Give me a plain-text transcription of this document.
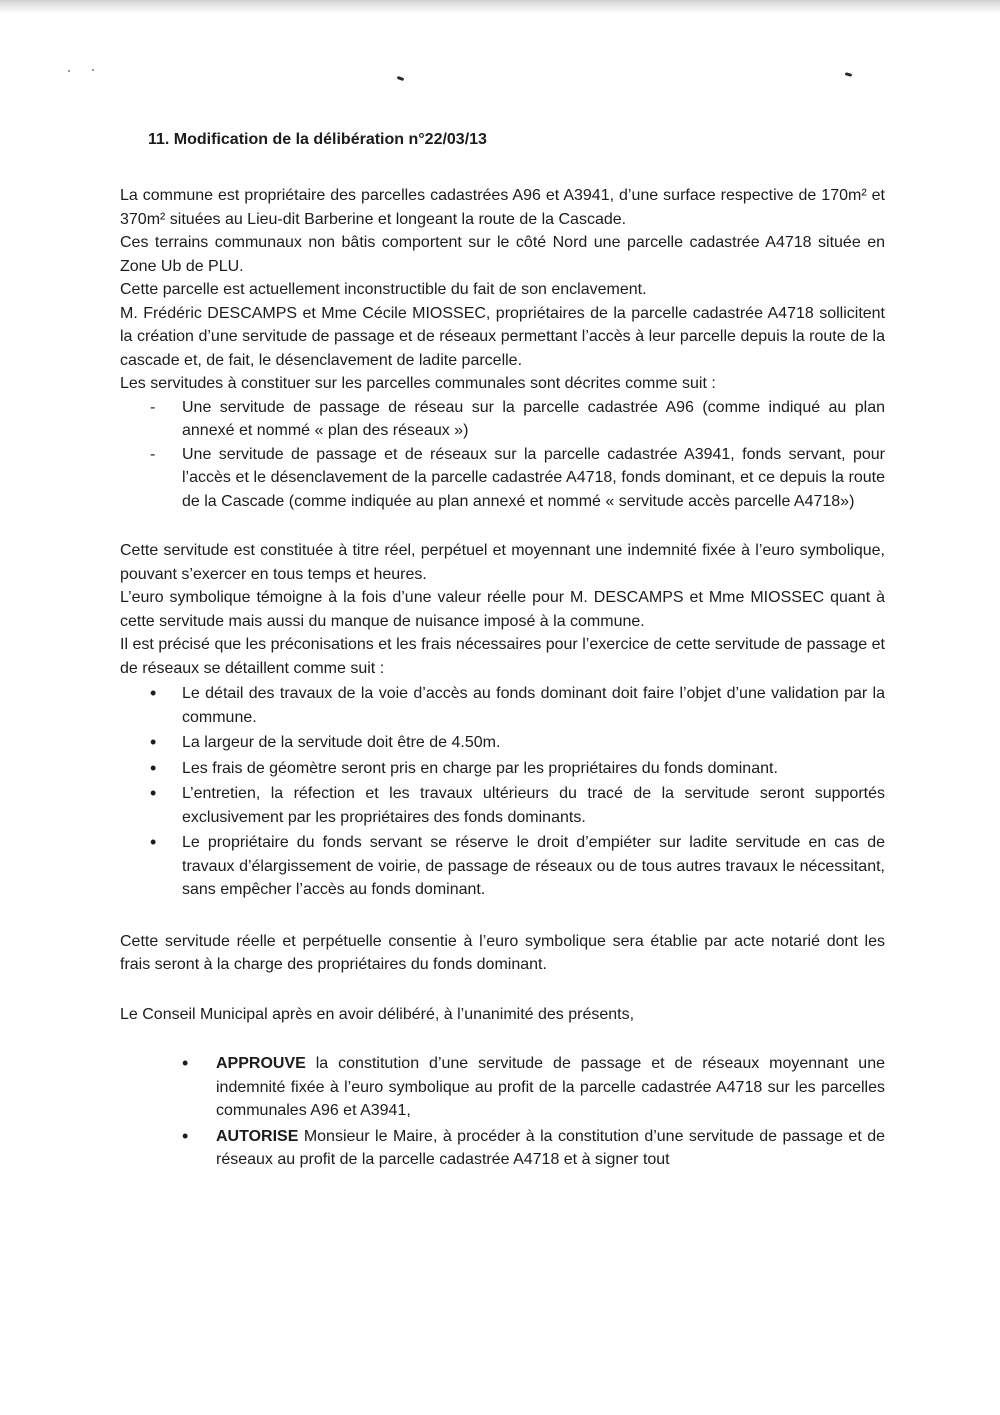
11. Modification de la délibération n°22/03/13

La commune est propriétaire des parcelles cadastrées A96 et A3941, d’une surface respective de 170m² et 370m² situées au Lieu-dit Barberine et longeant la route de la Cascade.

Ces terrains communaux non bâtis comportent sur le côté Nord une parcelle cadastrée A4718 située en Zone Ub de PLU.

Cette parcelle est actuellement inconstructible du fait de son enclavement.

M. Frédéric DESCAMPS et Mme Cécile MIOSSEC, propriétaires de la parcelle cadastrée A4718 sollicitent la création d’une servitude de passage et de réseaux permettant l’accès à leur parcelle depuis la route de la cascade et, de fait, le désenclavement de ladite parcelle.

Les servitudes à constituer sur les parcelles communales sont décrites comme suit :

- Une servitude de passage de réseau sur la parcelle cadastrée A96 (comme indiqué au plan annexé et nommé « plan des réseaux »)
- Une servitude de passage et de réseaux sur la parcelle cadastrée A3941, fonds servant, pour l’accès et le désenclavement de la parcelle cadastrée A4718, fonds dominant, et ce depuis la route de la Cascade (comme indiquée au plan annexé et nommé « servitude accès parcelle A4718»)

Cette servitude est constituée à titre réel, perpétuel et moyennant une indemnité fixée à l’euro symbolique, pouvant s’exercer en tous temps et heures.

L’euro symbolique témoigne à la fois d’une valeur réelle pour M. DESCAMPS et Mme MIOSSEC quant à cette servitude mais aussi du manque de nuisance imposé à la commune.

Il est précisé que les préconisations et les frais nécessaires pour l’exercice de cette servitude de passage et de réseaux se détaillent comme suit :

• Le détail des travaux de la voie d’accès au fonds dominant doit faire l’objet d’une validation par la commune.
• La largeur de la servitude doit être de 4.50m.
• Les frais de géomètre seront pris en charge par les propriétaires du fonds dominant.
• L’entretien, la réfection et les travaux ultérieurs du tracé de la servitude seront supportés exclusivement par les propriétaires des fonds dominants.
• Le propriétaire du fonds servant se réserve le droit d’empiéter sur ladite servitude en cas de travaux d’élargissement de voirie, de passage de réseaux ou de tous autres travaux le nécessitant, sans empêcher l’accès au fonds dominant.

Cette servitude réelle et perpétuelle consentie à l’euro symbolique sera établie par acte notarié dont les frais seront à la charge des propriétaires du fonds dominant.

Le Conseil Municipal après en avoir délibéré, à l’unanimité des présents,

• APPROUVE la constitution d’une servitude de passage et de réseaux moyennant une indemnité fixée à l’euro symbolique au profit de la parcelle cadastrée A4718 sur les parcelles communales A96 et A3941,
• AUTORISE Monsieur le Maire, à procéder à la constitution d’une servitude de passage et de réseaux au profit de la parcelle cadastrée A4718 et à signer tout
